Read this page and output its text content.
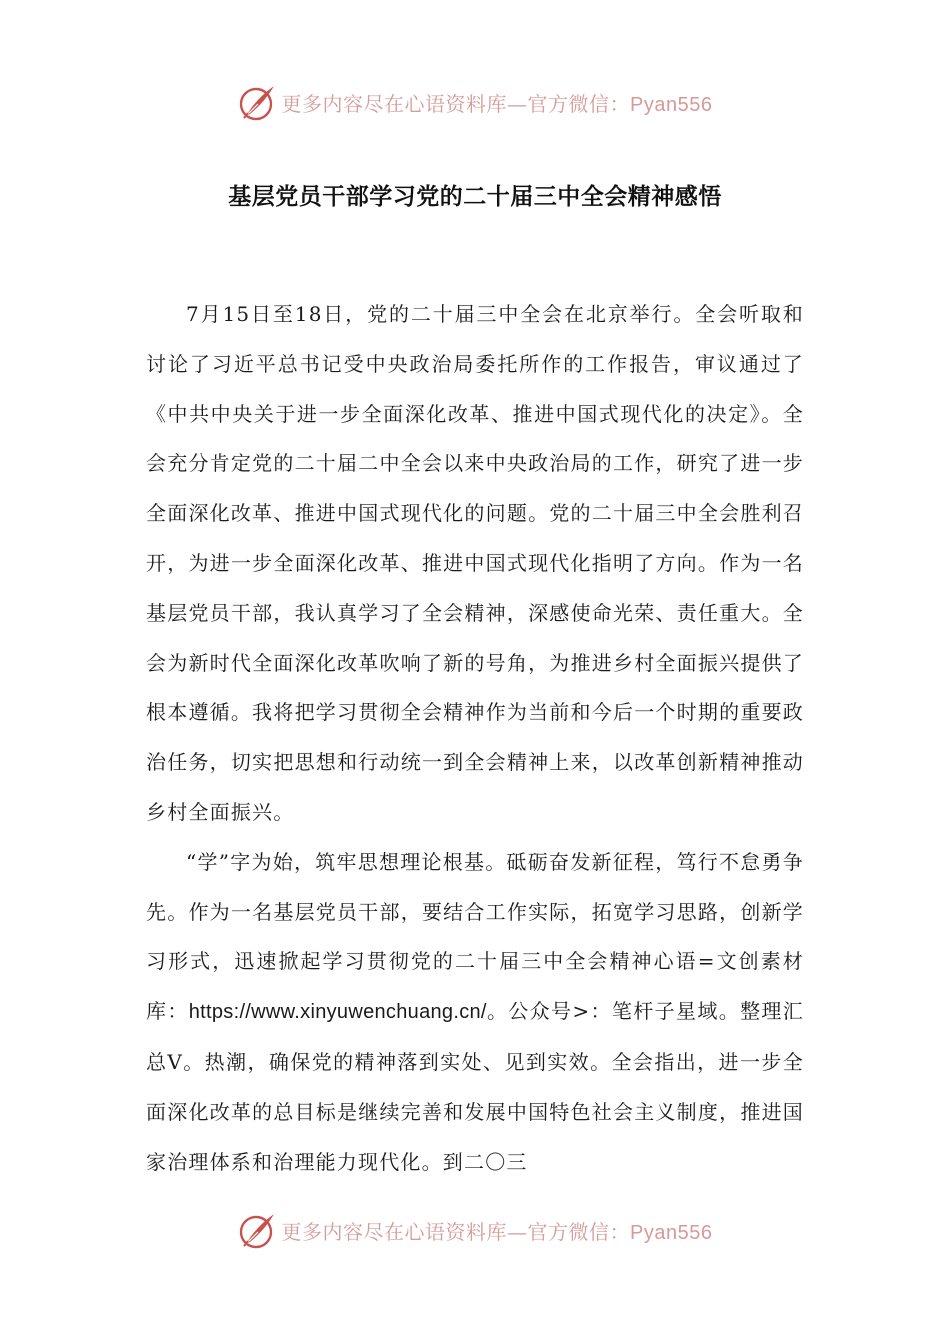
更多内容尽在心语资料库—官方微信：Pyan556
基层党员干部学习党的二十届三中全会精神感悟

7月15日至18日，党的二十届三中全会在北京举行。全会听取和讨论了习近平总书记受中央政治局委托所作的工作报告，审议通过了《中共中央关于进一步全面深化改革、推进中国式现代化的决定》。全会充分肯定党的二十届二中全会以来中央政治局的工作，研究了进一步全面深化改革、推进中国式现代化的问题。党的二十届三中全会胜利召开，为进一步全面深化改革、推进中国式现代化指明了方向。作为一名基层党员干部，我认真学习了全会精神，深感使命光荣、责任重大。全会为新时代全面深化改革吹响了新的号角，为推进乡村全面振兴提供了根本遵循。我将把学习贯彻全会精神作为当前和今后一个时期的重要政治任务，切实把思想和行动统一到全会精神上来，以改革创新精神推动乡村全面振兴。

“学”字为始，筑牢思想理论根基。砥砺奋发新征程，笃行不怠勇争先。作为一名基层党员干部，要结合工作实际，拓宽学习思路，创新学习形式，迅速掀起学习贯彻党的二十届三中全会精神心语=文创素材库：https://www.xinyuwenchuang.cn/。公众号>：笔杆子星域。整理汇总V。热潮，确保党的精神落到实处、见到实效。全会指出，进一步全面深化改革的总目标是继续完善和发展中国特色社会主义制度，推进国家治理体系和治理能力现代化。到二〇三

更多内容尽在心语资料库—官方微信：Pyan556
